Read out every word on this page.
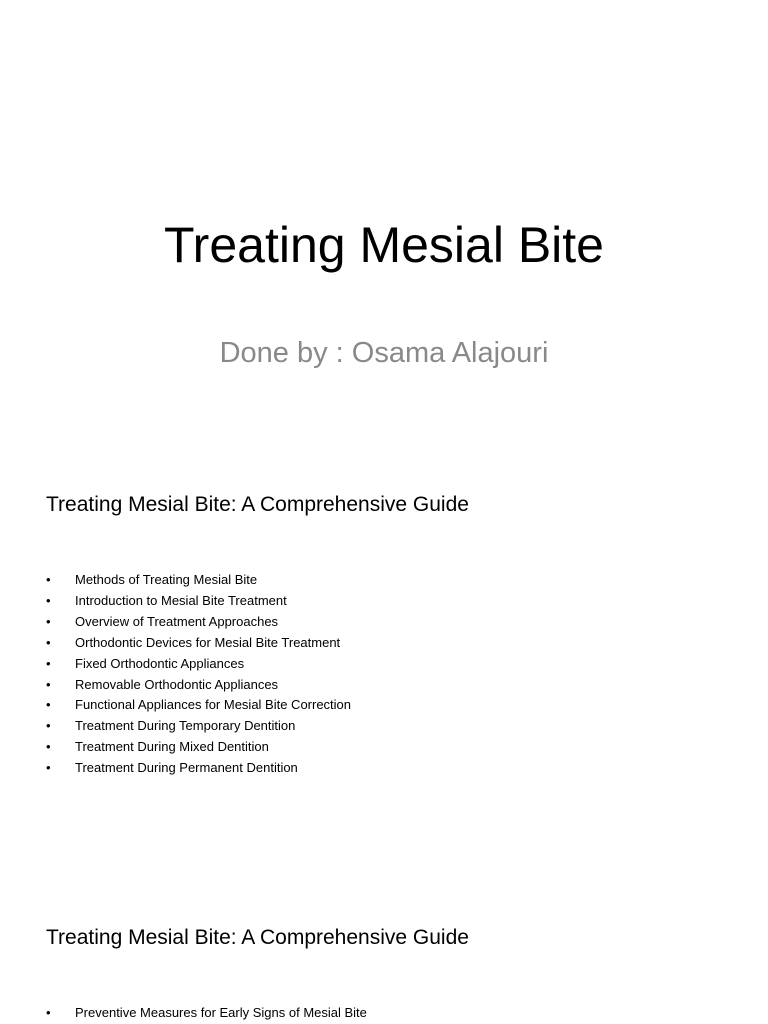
Treating Mesial Bite
Done by : Osama Alajouri
Treating Mesial Bite: A Comprehensive Guide
• Methods of Treating Mesial Bite
• Introduction to Mesial Bite Treatment
• Overview of Treatment Approaches
• Orthodontic Devices for Mesial Bite Treatment
• Fixed Orthodontic Appliances
• Removable Orthodontic Appliances
• Functional Appliances for Mesial Bite Correction
• Treatment During Temporary Dentition
• Treatment During Mixed Dentition
• Treatment During Permanent Dentition
Treating Mesial Bite: A Comprehensive Guide
• Preventive Measures for Early Signs of Mesial Bite
